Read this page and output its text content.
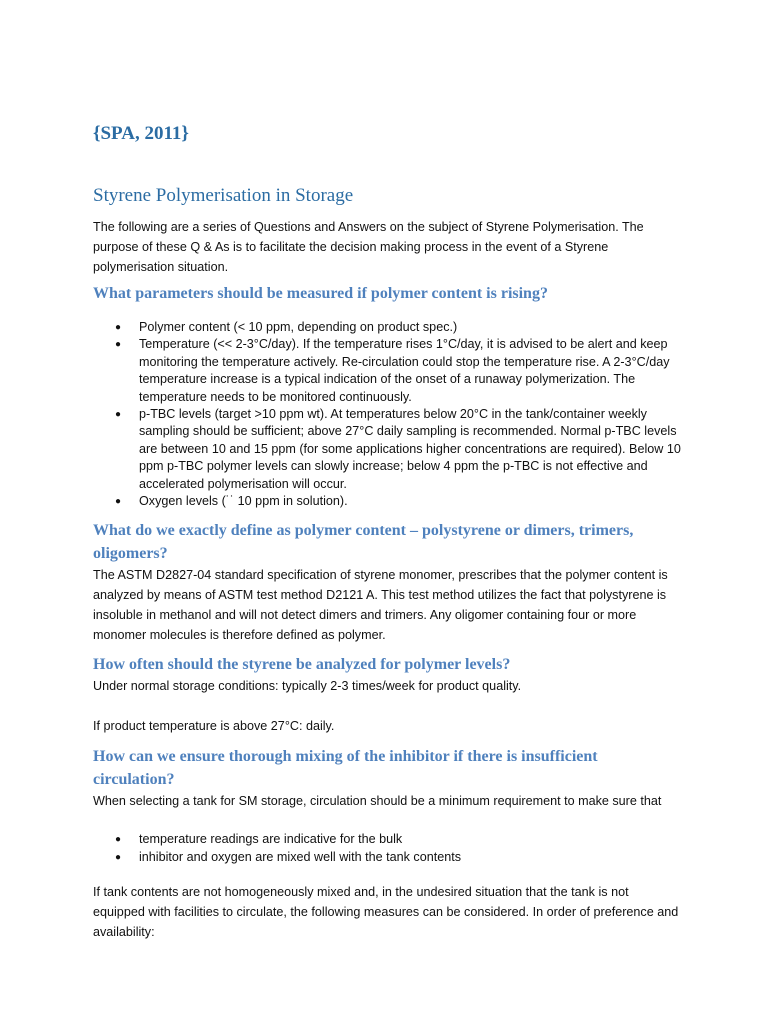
{SPA, 2011}
Styrene Polymerisation in Storage

The following are a series of Questions and Answers on the subject of Styrene Polymerisation. The purpose of these Q & As is to facilitate the decision making process in the event of a Styrene polymerisation situation.

What parameters should be measured if polymer content is rising?
● Polymer content (< 10 ppm, depending on product spec.)
● Temperature (<< 2-3°C/day). If the temperature rises 1°C/day, it is advised to be alert and keep monitoring the temperature actively. Re-circulation could stop the temperature rise. A 2-3°C/day temperature increase is a typical indication of the onset of a runaway polymerization. The temperature needs to be monitored continuously.
● p-TBC levels (target >10 ppm wt). At temperatures below 20°C in the tank/container weekly sampling should be sufficient; above 27°C daily sampling is recommended. Normal p-TBC levels are between 10 and 15 ppm (for some applications higher concentrations are required). Below 10 ppm p-TBC polymer levels can slowly increase; below 4 ppm the p-TBC is not effective and accelerated polymerisation will occur.
● Oxygen levels (˙˙ 10 ppm in solution).
What do we exactly define as polymer content – polystyrene or dimers, trimers, oligomers?

The ASTM D2827-04 standard specification of styrene monomer, prescribes that the polymer content is analyzed by means of ASTM test method D2121 A. This test method utilizes the fact that polystyrene is insoluble in methanol and will not detect dimers and trimers. Any oligomer containing four or more monomer molecules is therefore defined as polymer.

How often should the styrene be analyzed for polymer levels?

Under normal storage conditions: typically 2-3 times/week for product quality.

If product temperature is above 27°C: daily.

How can we ensure thorough mixing of the inhibitor if there is insufficient circulation?

When selecting a tank for SM storage, circulation should be a minimum requirement to make sure that

● temperature readings are indicative for the bulk
● inhibitor and oxygen are mixed well with the tank contents

If tank contents are not homogeneously mixed and, in the undesired situation that the tank is not equipped with facilities to circulate, the following measures can be considered. In order of preference and availability:
